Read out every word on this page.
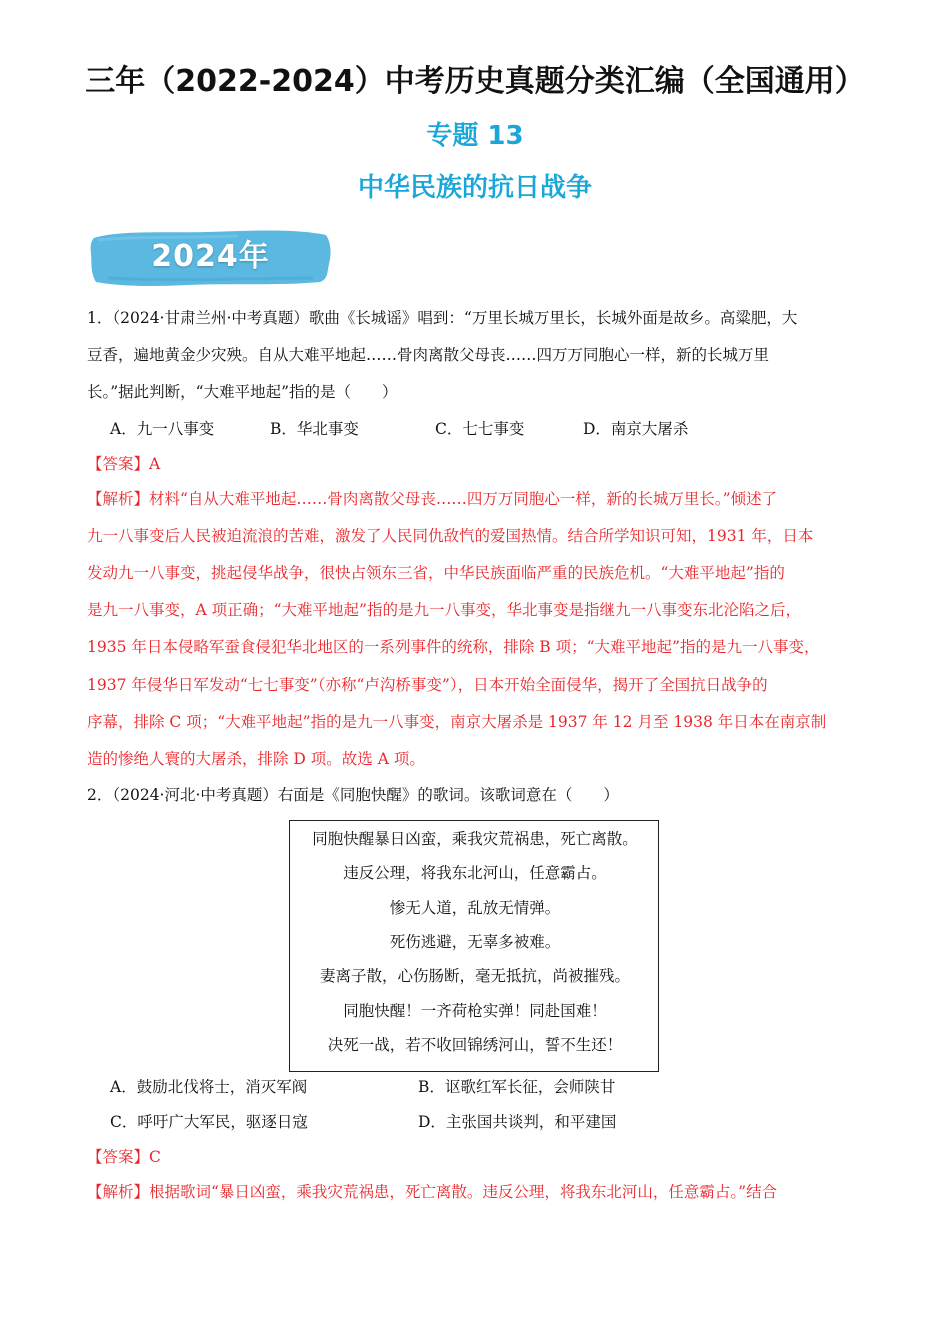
三年（2022-2024）中考历史真题分类汇编（全国通用）
专题 13
中华民族的抗日战争
2024年
1．（2024·甘肃兰州·中考真题）歌曲《长城谣》唱到：“万里长城万里长，长城外面是故乡。高粱肥，大
豆香，遍地黄金少灾殃。自从大难平地起……骨肉离散父母丧……四万万同胞心一样，新的长城万里
长。”据此判断，“大难平地起”指的是（　　）
A．九一八事变	B．华北事变	C．七七事变	D．南京大屠杀
【答案】A
【解析】材料“自从大难平地起……骨肉离散父母丧……四万万同胞心一样，新的长城万里长。”倾述了
九一八事变后人民被迫流浪的苦难，激发了人民同仇敌忾的爱国热情。结合所学知识可知，1931 年，日本
发动九一八事变，挑起侵华战争，很快占领东三省，中华民族面临严重的民族危机。“大难平地起”指的
是九一八事变，A 项正确；“大难平地起”指的是九一八事变，华北事变是指继九一八事变东北沦陷之后，
1935 年日本侵略军蚕食侵犯华北地区的一系列事件的统称，排除 B 项；“大难平地起”指的是九一八事变，
1937 年侵华日军发动“七七事变”（亦称“卢沟桥事变”），日本开始全面侵华，揭开了全国抗日战争的
序幕，排除 C 项；“大难平地起”指的是九一八事变，南京大屠杀是 1937 年 12 月至 1938 年日本在南京制
造的惨绝人寰的大屠杀，排除 D 项。故选 A 项。
2．（2024·河北·中考真题）右面是《同胞快醒》的歌词。该歌词意在（　　）
同胞快醒暴日凶蛮，乘我灾荒祸患，死亡离散。
违反公理，将我东北河山，任意霸占。
惨无人道，乱放无情弹。
死伤逃避，无辜多被难。
妻离子散，心伤肠断，毫无抵抗，尚被摧残。
同胞快醒！一齐荷枪实弹！同赴国难！
决死一战，若不收回锦绣河山，誓不生还！
A．鼓励北伐将士，消灭军阀	B．讴歌红军长征，会师陕甘
C．呼吁广大军民，驱逐日寇	D．主张国共谈判，和平建国
【答案】C
【解析】根据歌词“暴日凶蛮，乘我灾荒祸患，死亡离散。违反公理，将我东北河山，任意霸占。”结合
